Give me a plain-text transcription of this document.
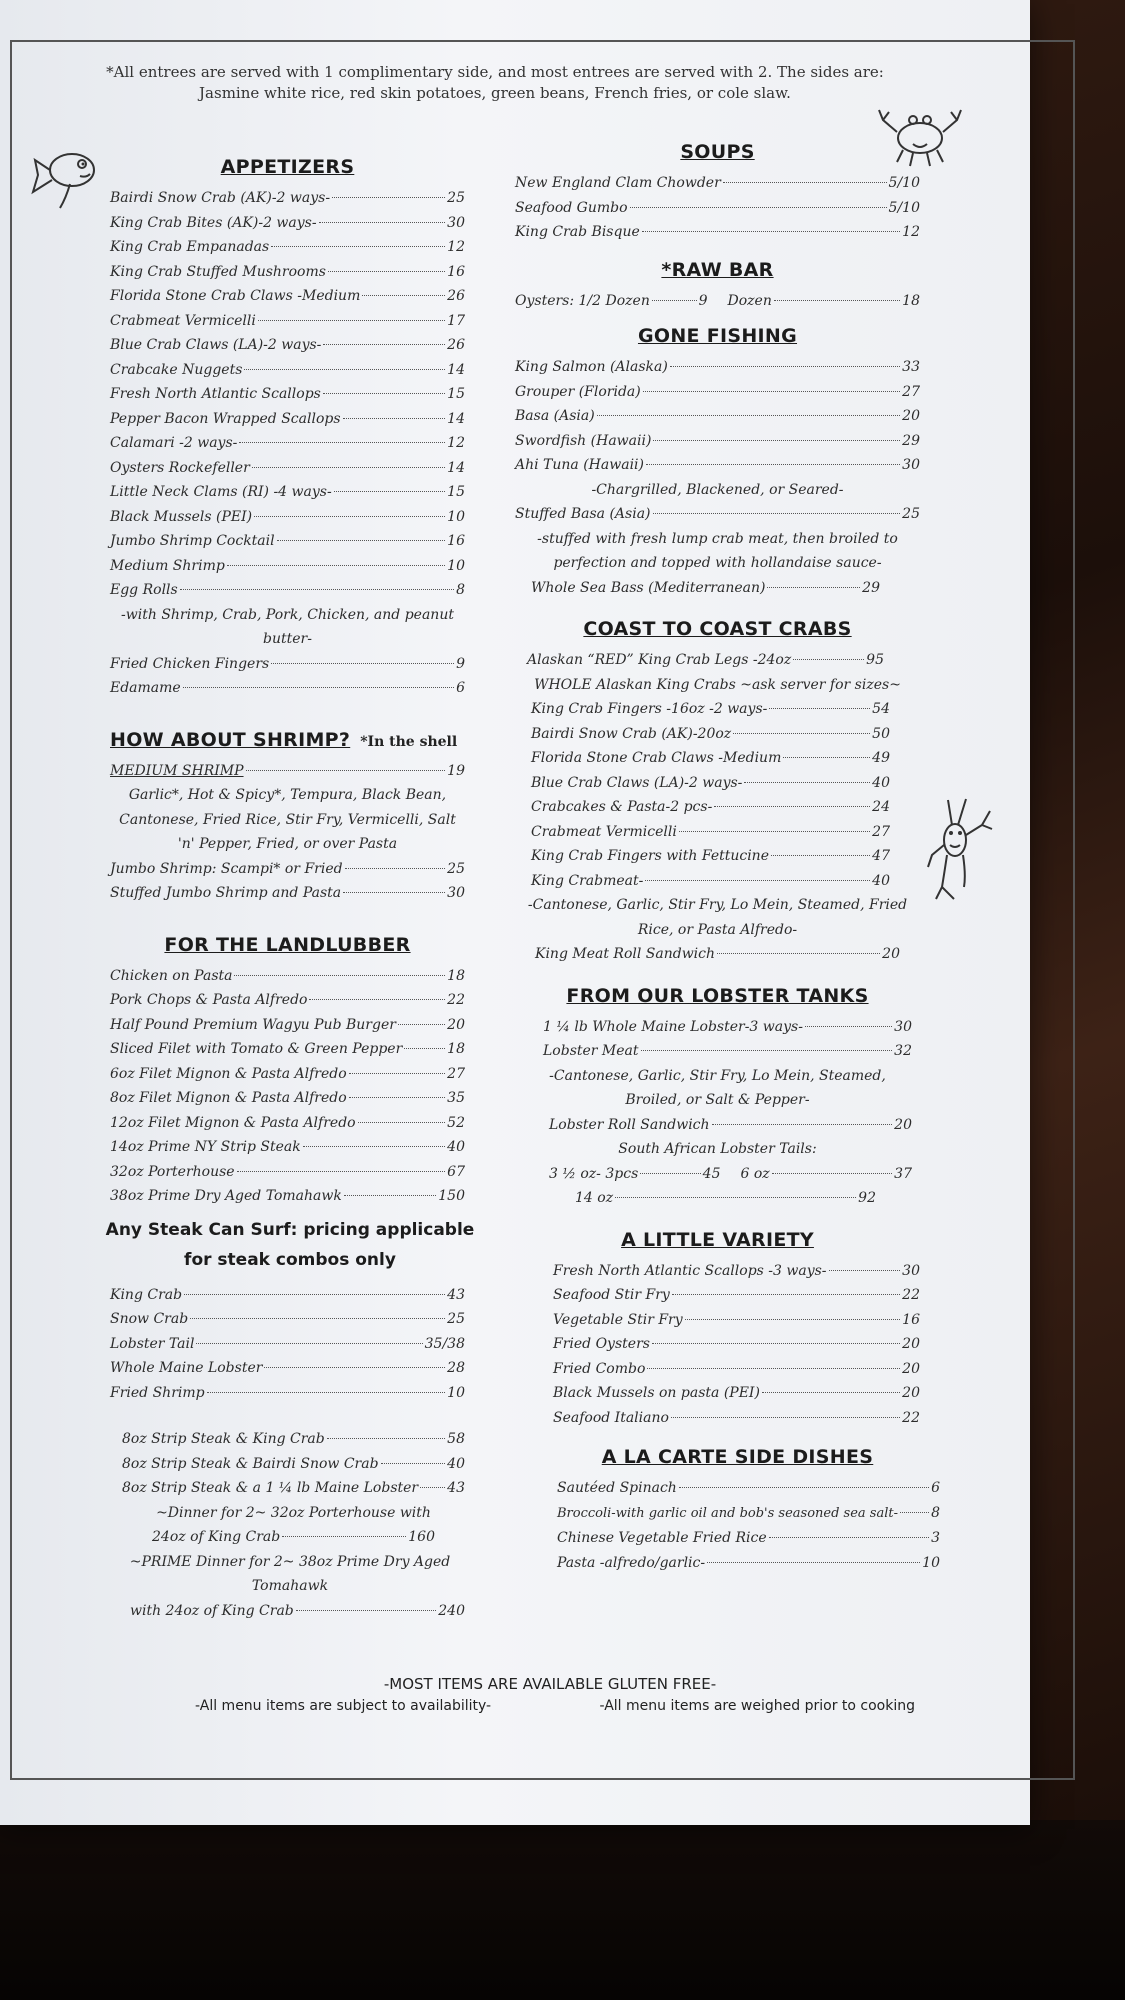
*All entrees are served with 1 complimentary side, and most entrees are served with 2. The sides are: Jasmine white rice, red skin potatoes, green beans, French fries, or cole slaw.
APPETIZERS
Bairdi Snow Crab (AK)-2 ways-	25
King Crab Bites (AK)-2 ways-	30
King Crab Empanadas	12
King Crab Stuffed Mushrooms	16
Florida Stone Crab Claws -Medium	26
Crabmeat Vermicelli	17
Blue Crab Claws (LA)-2 ways-	26
Crabcake Nuggets	14
Fresh North Atlantic Scallops	15
Pepper Bacon Wrapped Scallops	14
Calamari -2 ways-	12
Oysters Rockefeller	14
Little Neck Clams (RI) -4 ways-	15
Black Mussels (PEI)	10
Jumbo Shrimp Cocktail	16
Medium Shrimp	10
Egg Rolls	8
-with Shrimp, Crab, Pork, Chicken, and peanut butter-
Fried Chicken Fingers	9
Edamame	6
HOW ABOUT SHRIMP? *In the shell
MEDIUM SHRIMP	19
Garlic*, Hot & Spicy*, Tempura, Black Bean, Cantonese, Fried Rice, Stir Fry, Vermicelli, Salt 'n' Pepper, Fried, or over Pasta
Jumbo Shrimp: Scampi* or Fried	25
Stuffed Jumbo Shrimp and Pasta	30
FOR THE LANDLUBBER
Chicken on Pasta	18
Pork Chops & Pasta Alfredo	22
Half Pound Premium Wagyu Pub Burger	20
Sliced Filet with Tomato & Green Pepper	18
6oz Filet Mignon & Pasta Alfredo	27
8oz Filet Mignon & Pasta Alfredo	35
12oz Filet Mignon & Pasta Alfredo	52
14oz Prime NY Strip Steak	40
32oz Porterhouse	67
38oz Prime Dry Aged Tomahawk	150
Any Steak Can Surf: pricing applicable for steak combos only
King Crab	43
Snow Crab	25
Lobster Tail	35/38
Whole Maine Lobster	28
Fried Shrimp	10
8oz Strip Steak & King Crab	58
8oz Strip Steak & Bairdi Snow Crab	40
8oz Strip Steak & a 1 ¼ lb Maine Lobster 43
~Dinner for 2~ 32oz Porterhouse with
24oz of King Crab	160
~PRIME Dinner for 2~ 38oz Prime Dry Aged Tomahawk
with 24oz of King Crab	240
SOUPS
New England Clam Chowder	5/10
Seafood Gumbo	5/10
King Crab Bisque	12
*RAW BAR
Oysters: 1/2 Dozen	9 Dozen	18
GONE FISHING
King Salmon (Alaska)	33
Grouper (Florida)	27
Basa (Asia)	20
Swordfish (Hawaii)	29
Ahi Tuna (Hawaii)	30
-Chargrilled, Blackened, or Seared-
Stuffed Basa (Asia)	25
-stuffed with fresh lump crab meat, then broiled to perfection and topped with hollandaise sauce-
Whole Sea Bass (Mediterranean)	29
COAST TO COAST CRABS
Alaskan “RED” King Crab Legs -24oz	95
WHOLE Alaskan King Crabs ~ask server for sizes~
King Crab Fingers -16oz -2 ways-	54
Bairdi Snow Crab (AK)-20oz	50
Florida Stone Crab Claws -Medium	49
Blue Crab Claws (LA)-2 ways-	40
Crabcakes & Pasta-2 pcs-	24
Crabmeat Vermicelli	27
King Crab Fingers with Fettucine	47
King Crabmeat-	40
-Cantonese, Garlic, Stir Fry, Lo Mein, Steamed, Fried Rice, or Pasta Alfredo-
King Meat Roll Sandwich	20
FROM OUR LOBSTER TANKS
1 ¼ lb Whole Maine Lobster-3 ways-	30
Lobster Meat	32
-Cantonese, Garlic, Stir Fry, Lo Mein, Steamed, Broiled, or Salt & Pepper-
Lobster Roll Sandwich	20
South African Lobster Tails:
3 ½ oz- 3pcs	45 6 oz	37
14 oz	92
A LITTLE VARIETY
Fresh North Atlantic Scallops -3 ways-	30
Seafood Stir Fry	22
Vegetable Stir Fry	16
Fried Oysters	20
Fried Combo	20
Black Mussels on pasta (PEI)	20
Seafood Italiano	22
A LA CARTE SIDE DISHES
Sautéed Spinach	6
Broccoli-with garlic oil and bob's seasoned sea salt- 8
Chinese Vegetable Fried Rice	3
Pasta -alfredo/garlic-	10
-MOST ITEMS ARE AVAILABLE GLUTEN FREE-
-All menu items are subject to availability-	-All menu items are weighed prior to cooking
